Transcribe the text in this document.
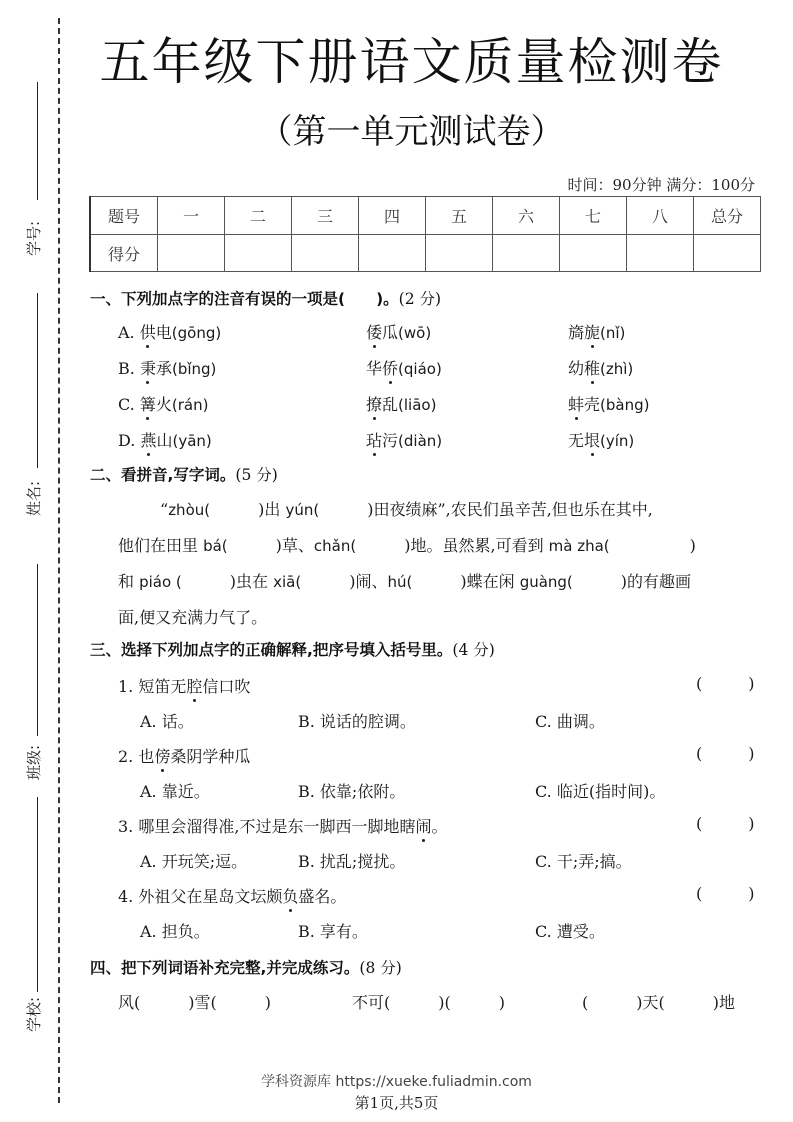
学号:
姓名:
班级:
学校:
五年级下册语文质量检测卷
（第一单元测试卷）
时间：90分钟 满分：100分
题号	一	二	三	四	五	六	七	八	总分
得分									
一、下列加点字的注音有误的一项是(　　)。(2 分)
A. 供电(gōng)	倭瓜(wō)	旖旎(nǐ)
B. 秉承(bǐng)	华侨(qiáo)	幼稚(zhì)
C. 篝火(rán)	撩乱(liāo)	蚌壳(bàng)
D. 燕山(yān)	玷污(diàn)	无垠(yín)
二、看拼音,写字词。(5 分)
“zhòu(　　　)出 yún(　　　)田夜绩麻”,农民们虽辛苦,但也乐在其中,
他们在田里 bá(　　　)草、chǎn(　　　)地。虽然累,可看到 mà zha(　　　　　)
和 piáo (　　　)虫在 xiā(　　　)闹、hú(　　　)蝶在闲 guàng(　　　)的有趣画
面,便又充满力气了。
三、选择下列加点字的正确解释,把序号填入括号里。(4 分)
1. 短笛无腔信口吹	(	)
A. 话。	B. 说话的腔调。	C. 曲调。
2. 也傍桑阴学种瓜	(	)
A. 靠近。	B. 依靠;依附。	C. 临近(指时间)。
3. 哪里会溜得准,不过是东一脚西一脚地瞎闹。	(	)
A. 开玩笑;逗。	B. 扰乱;搅扰。	C. 干;弄;搞。
4. 外祖父在星岛文坛颇负盛名。	(	)
A. 担负。	B. 享有。	C. 遭受。
四、把下列词语补充完整,并完成练习。(8 分)
风(　　　)雪(　　　)	不可(　　　)(　　　)	(　　　)天(　　　)地
学科资源库 https://xueke.fuliadmin.com
第1页,共5页
